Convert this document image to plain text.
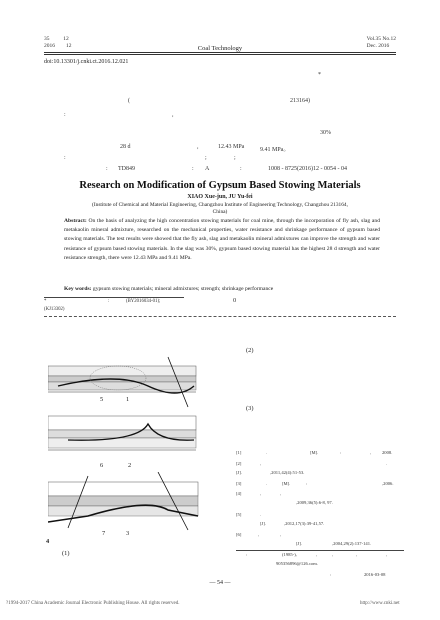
35	12
2016 12	Coal Technology
Vol.35 No.12
Dec. 2016
doi:10.13301/j.cnki.ct.2016.12.021
*
(	213164)
:	,
30%
28 d	,	12.43 MPa	9.41 MPa。
:	;	;
: TD849	: A	:	1008 - 8725(2016)12 - 0054 - 04
Research on Modification of Gypsum Based Stowing Materials
XIAO Xue-jun, JU Yu-fei
(Institute of Chemical and Material Engineering, Changzhou Institute of Engineering Technology, Changzhou 213164,
China)
Abstract: On the basis of analyzing the high concentration stowing materials for coal mine, through the incorporation of fly ash, slag and metakaolin mineral admixture, researched on the mechanical properties, water resistance and shrinkage performance of gypsum based stowing materials. The test results were showed that the fly ash, slag and metakaolin mineral admixtures can improve the strength and water resistance of gypsum based stowing materials. In the slag was 30%, gypsum based stowing material has the highest 28 d strength and water resistance strength, there were 12.43 MPa and 9.41 MPa.
Key words: gypsum stowing materials; mineral admixtures; strength; shrinkage performance
*	:	(BY2016034-01);	0
(KJ13302)
5	1
6	2
7	3
4
(1)
(2)
(3)
[1]	.	[M].	:	, 2008.
[2]	,	.
[J].	,2011,42(4):51-53.
[3]	.	[M].	:	,2006.
[4]	,	,
,2009,36(5):6-8, 97.
[5]	.
[J].	,2012,17(3):39-41,57.
[6]	,	,
[J].	,2004,29(2):137-141.
:	(1985-),	,	,	,	,
905356896@126.com.
:	2016-03-08
— 54 —
?1994-2017 China Academic Journal Electronic Publishing House. All rights reserved.	http://www.cnki.net
